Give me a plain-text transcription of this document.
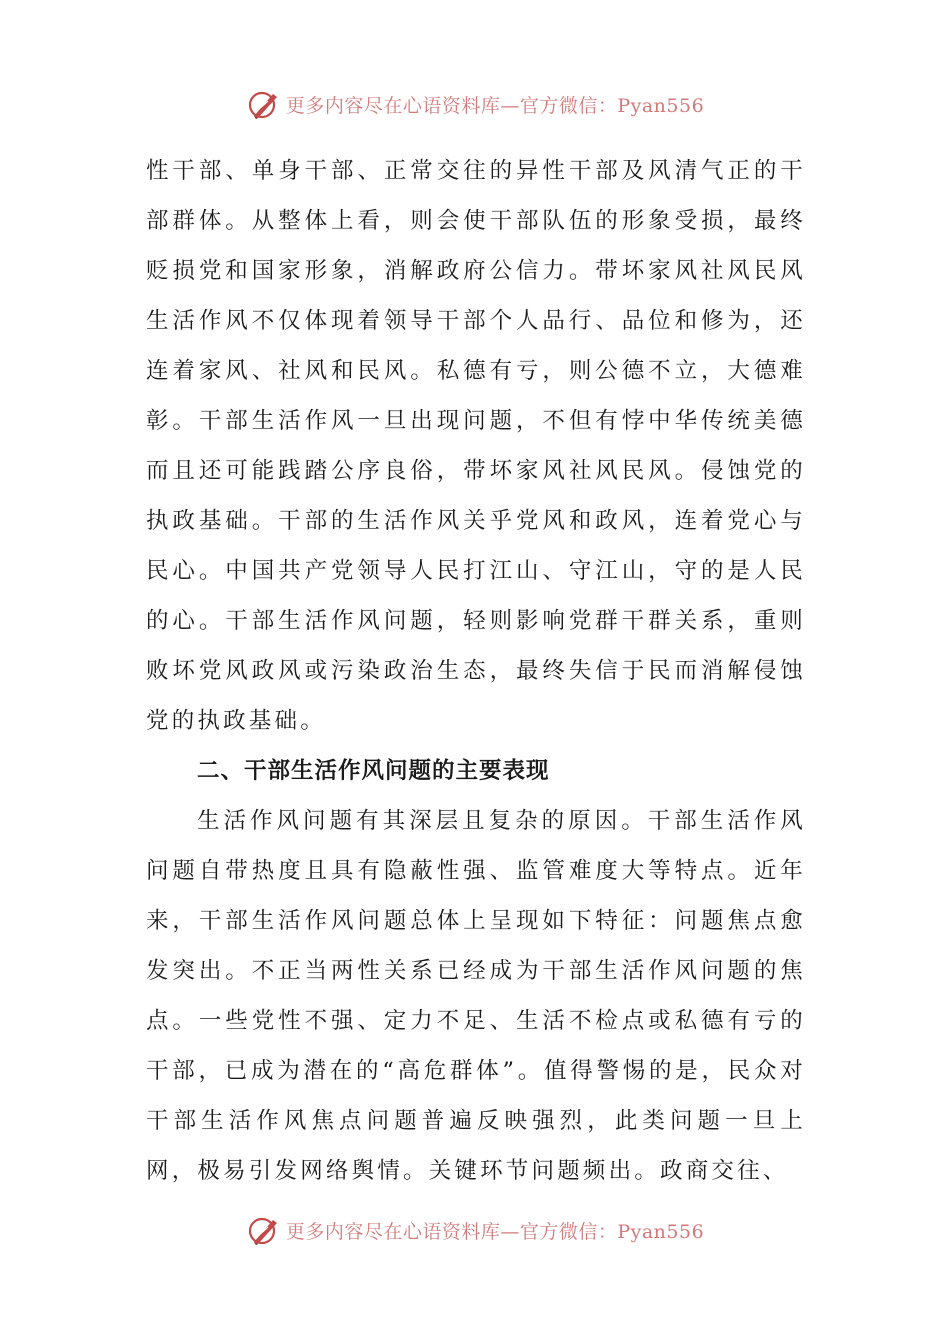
更多内容尽在心语资料库—官方微信：Pyan556

性干部、单身干部、正常交往的异性干部及风清气正的干部群体。从整体上看，则会使干部队伍的形象受损，最终贬损党和国家形象，消解政府公信力。带坏家风社风民风生活作风不仅体现着领导干部个人品行、品位和修为，还连着家风、社风和民风。私德有亏，则公德不立，大德难彰。干部生活作风一旦出现问题，不但有悖中华传统美德而且还可能践踏公序良俗，带坏家风社风民风。侵蚀党的执政基础。干部的生活作风关乎党风和政风，连着党心与民心。中国共产党领导人民打江山、守江山，守的是人民的心。干部生活作风问题，轻则影响党群干群关系，重则败坏党风政风或污染政治生态，最终失信于民而消解侵蚀党的执政基础。

二、干部生活作风问题的主要表现

生活作风问题有其深层且复杂的原因。干部生活作风问题自带热度且具有隐蔽性强、监管难度大等特点。近年来，干部生活作风问题总体上呈现如下特征：问题焦点愈发突出。不正当两性关系已经成为干部生活作风问题的焦点。一些党性不强、定力不足、生活不检点或私德有亏的干部，已成为潜在的“高危群体”。值得警惕的是，民众对干部生活作风焦点问题普遍反映强烈，此类问题一旦上网，极易引发网络舆情。关键环节问题频出。政商交往、

更多内容尽在心语资料库—官方微信：Pyan556
